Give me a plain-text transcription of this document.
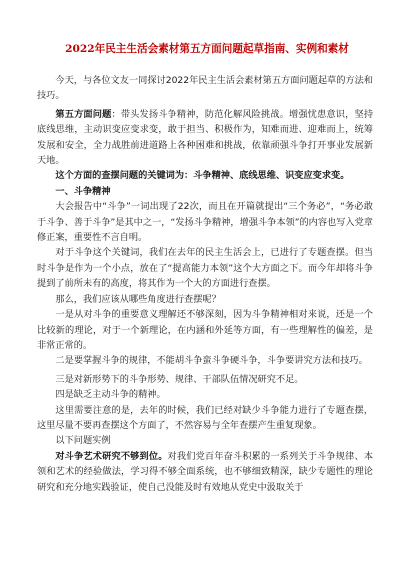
2022年民主生活会素材第五方面问题起草指南、实例和素材

今天，与各位文友一同探讨2022年民主生活会素材第五方面问题起草的方法和技巧。

第五方面问题：带头发扬斗争精神，防范化解风险挑战。增强忧患意识，坚持底线思维，主动识变应变求变，敢于担当、积极作为，知难而进、迎难而上，统筹发展和安全，全力战胜前进道路上各种困难和挑战，依靠顽强斗争打开事业发展新天地。

这个方面的查摆问题的关键词为：斗争精神、底线思维、识变应变求变。

一、斗争精神

大会报告中“斗争”一词出现了22次，而且在开篇就提出“三个务必”，“务必敢于斗争、善于斗争”是其中之一，“发扬斗争精神，增强斗争本领”的内容也写入党章修正案，重要性不言自明。

对于斗争这个关键词，我们在去年的民主生活会上，已进行了专题查摆。但当时斗争是作为一个小点，放在了“提高能力本领”这个大方面之下。而今年却将斗争提到了前所未有的高度，将其作为一个大的方面进行查摆。

那么，我们应该从哪些角度进行查摆呢？

一是从对斗争的重要意义理解还不够深刻，因为斗争精神相对来说，还是一个比较新的理论，对于一个新理论，在内涵和外延等方面，有一些理解性的偏差，是非常正常的。

二是要掌握斗争的规律，不能胡斗争蛮斗争硬斗争，斗争要讲究方法和技巧。

三是对新形势下的斗争形势、规律、干部队伍情况研究不足。

四是缺乏主动斗争的精神。

这里需要注意的是，去年的时候，我们已经对缺少斗争能力进行了专题查摆，这里尽量不要再查摆这个方面了，不然容易与全年查摆产生重复现象。

以下问题实例

对斗争艺术研究不够到位。对我们党百年奋斗积累的一系列关于斗争规律、本领和艺术的经验做法，学习得不够全面系统，也不够细致精深，缺少专题性的理论研究和充分地实践验证，使自己没能及时有效地从党史中汲取关于
